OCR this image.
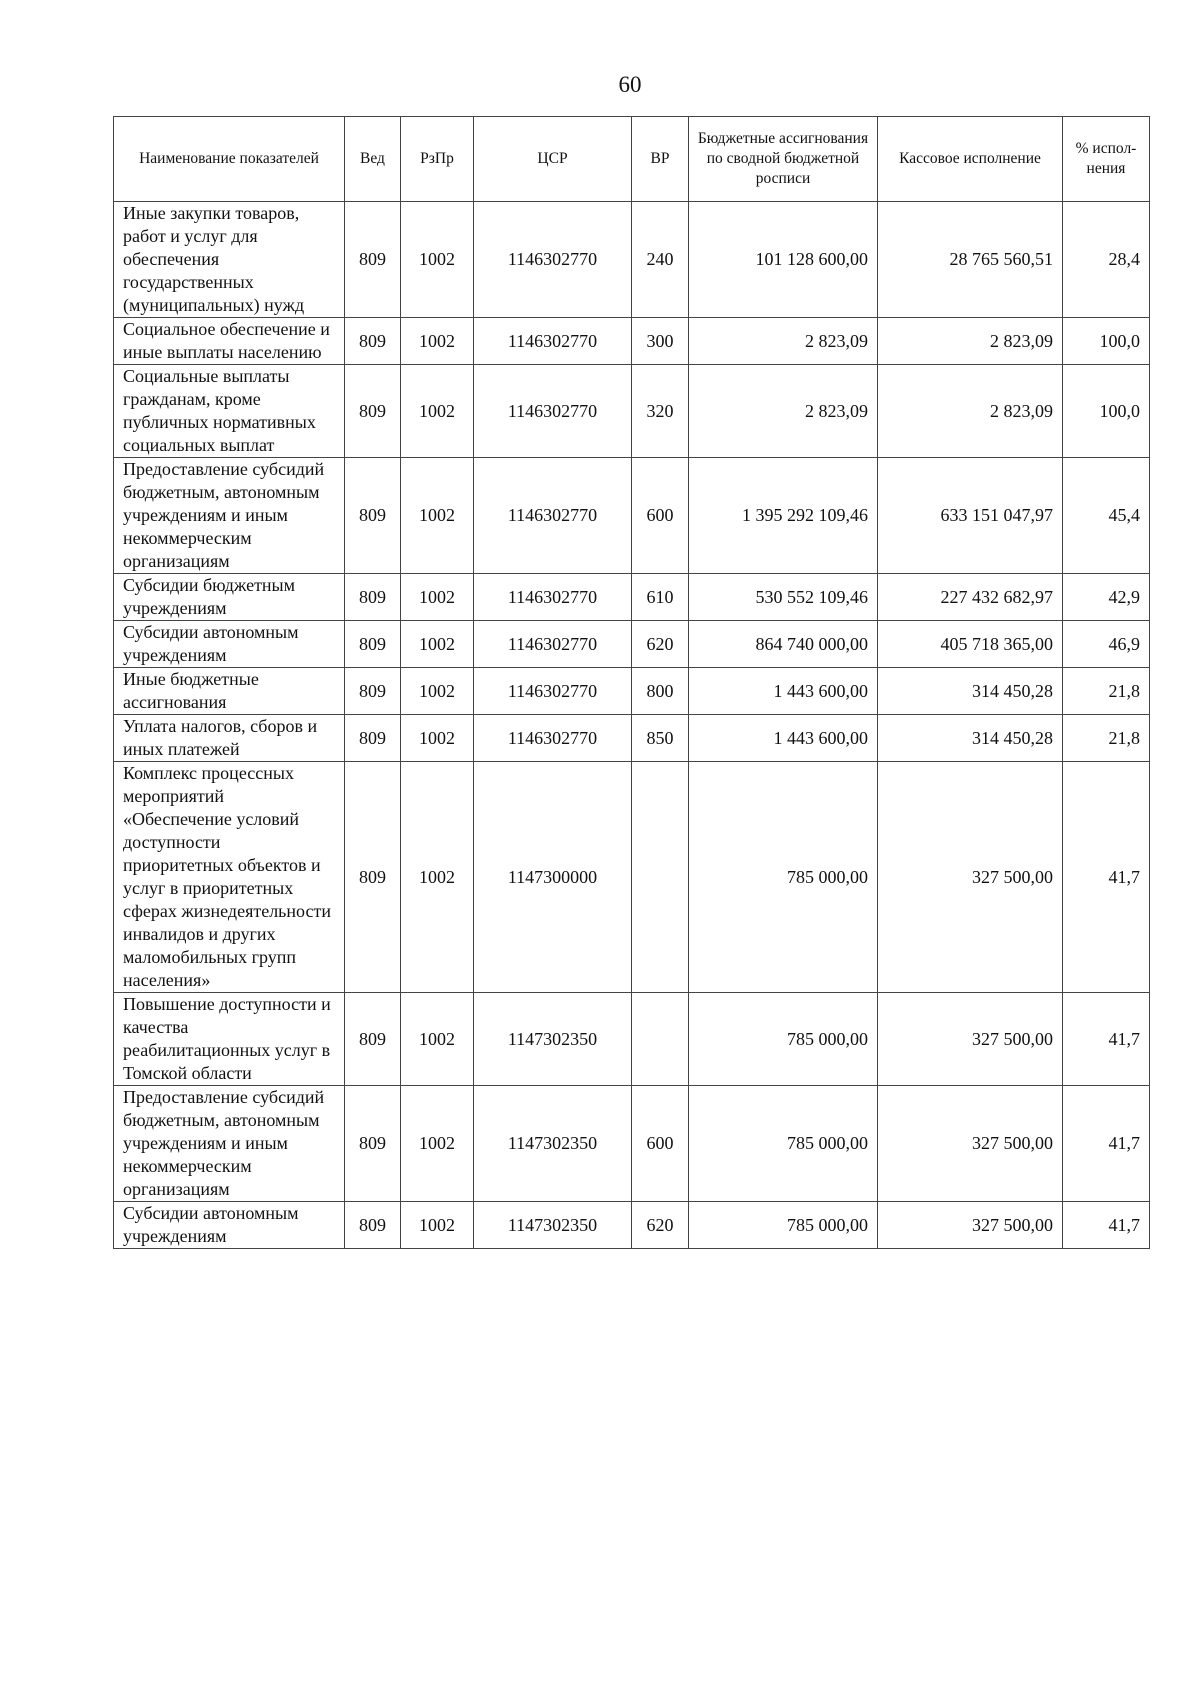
60
Наименование показателей	Вед	РзПр	ЦСР	ВР	Бюджетные ассигнования по сводной бюджетной росписи	Кассовое исполнение	% испол-нения
Иные закупки товаров, работ и услуг для обеспечения государственных (муниципальных) нужд	809	1002	1146302770	240	101 128 600,00	28 765 560,51	28,4
Социальное обеспечение и иные выплаты населению	809	1002	1146302770	300	2 823,09	2 823,09	100,0
Социальные выплаты гражданам, кроме публичных нормативных социальных выплат	809	1002	1146302770	320	2 823,09	2 823,09	100,0
Предоставление субсидий бюджетным, автономным учреждениям и иным некоммерческим организациям	809	1002	1146302770	600	1 395 292 109,46	633 151 047,97	45,4
Субсидии бюджетным учреждениям	809	1002	1146302770	610	530 552 109,46	227 432 682,97	42,9
Субсидии автономным учреждениям	809	1002	1146302770	620	864 740 000,00	405 718 365,00	46,9
Иные бюджетные ассигнования	809	1002	1146302770	800	1 443 600,00	314 450,28	21,8
Уплата налогов, сборов и иных платежей	809	1002	1146302770	850	1 443 600,00	314 450,28	21,8
Комплекс процессных мероприятий «Обеспечение условий доступности приоритетных объектов и услуг в приоритетных сферах жизнедеятельности инвалидов и других маломобильных групп населения»	809	1002	1147300000		785 000,00	327 500,00	41,7
Повышение доступности и качества реабилитационных услуг в Томской области	809	1002	1147302350		785 000,00	327 500,00	41,7
Предоставление субсидий бюджетным, автономным учреждениям и иным некоммерческим организациям	809	1002	1147302350	600	785 000,00	327 500,00	41,7
Субсидии автономным учреждениям	809	1002	1147302350	620	785 000,00	327 500,00	41,7
